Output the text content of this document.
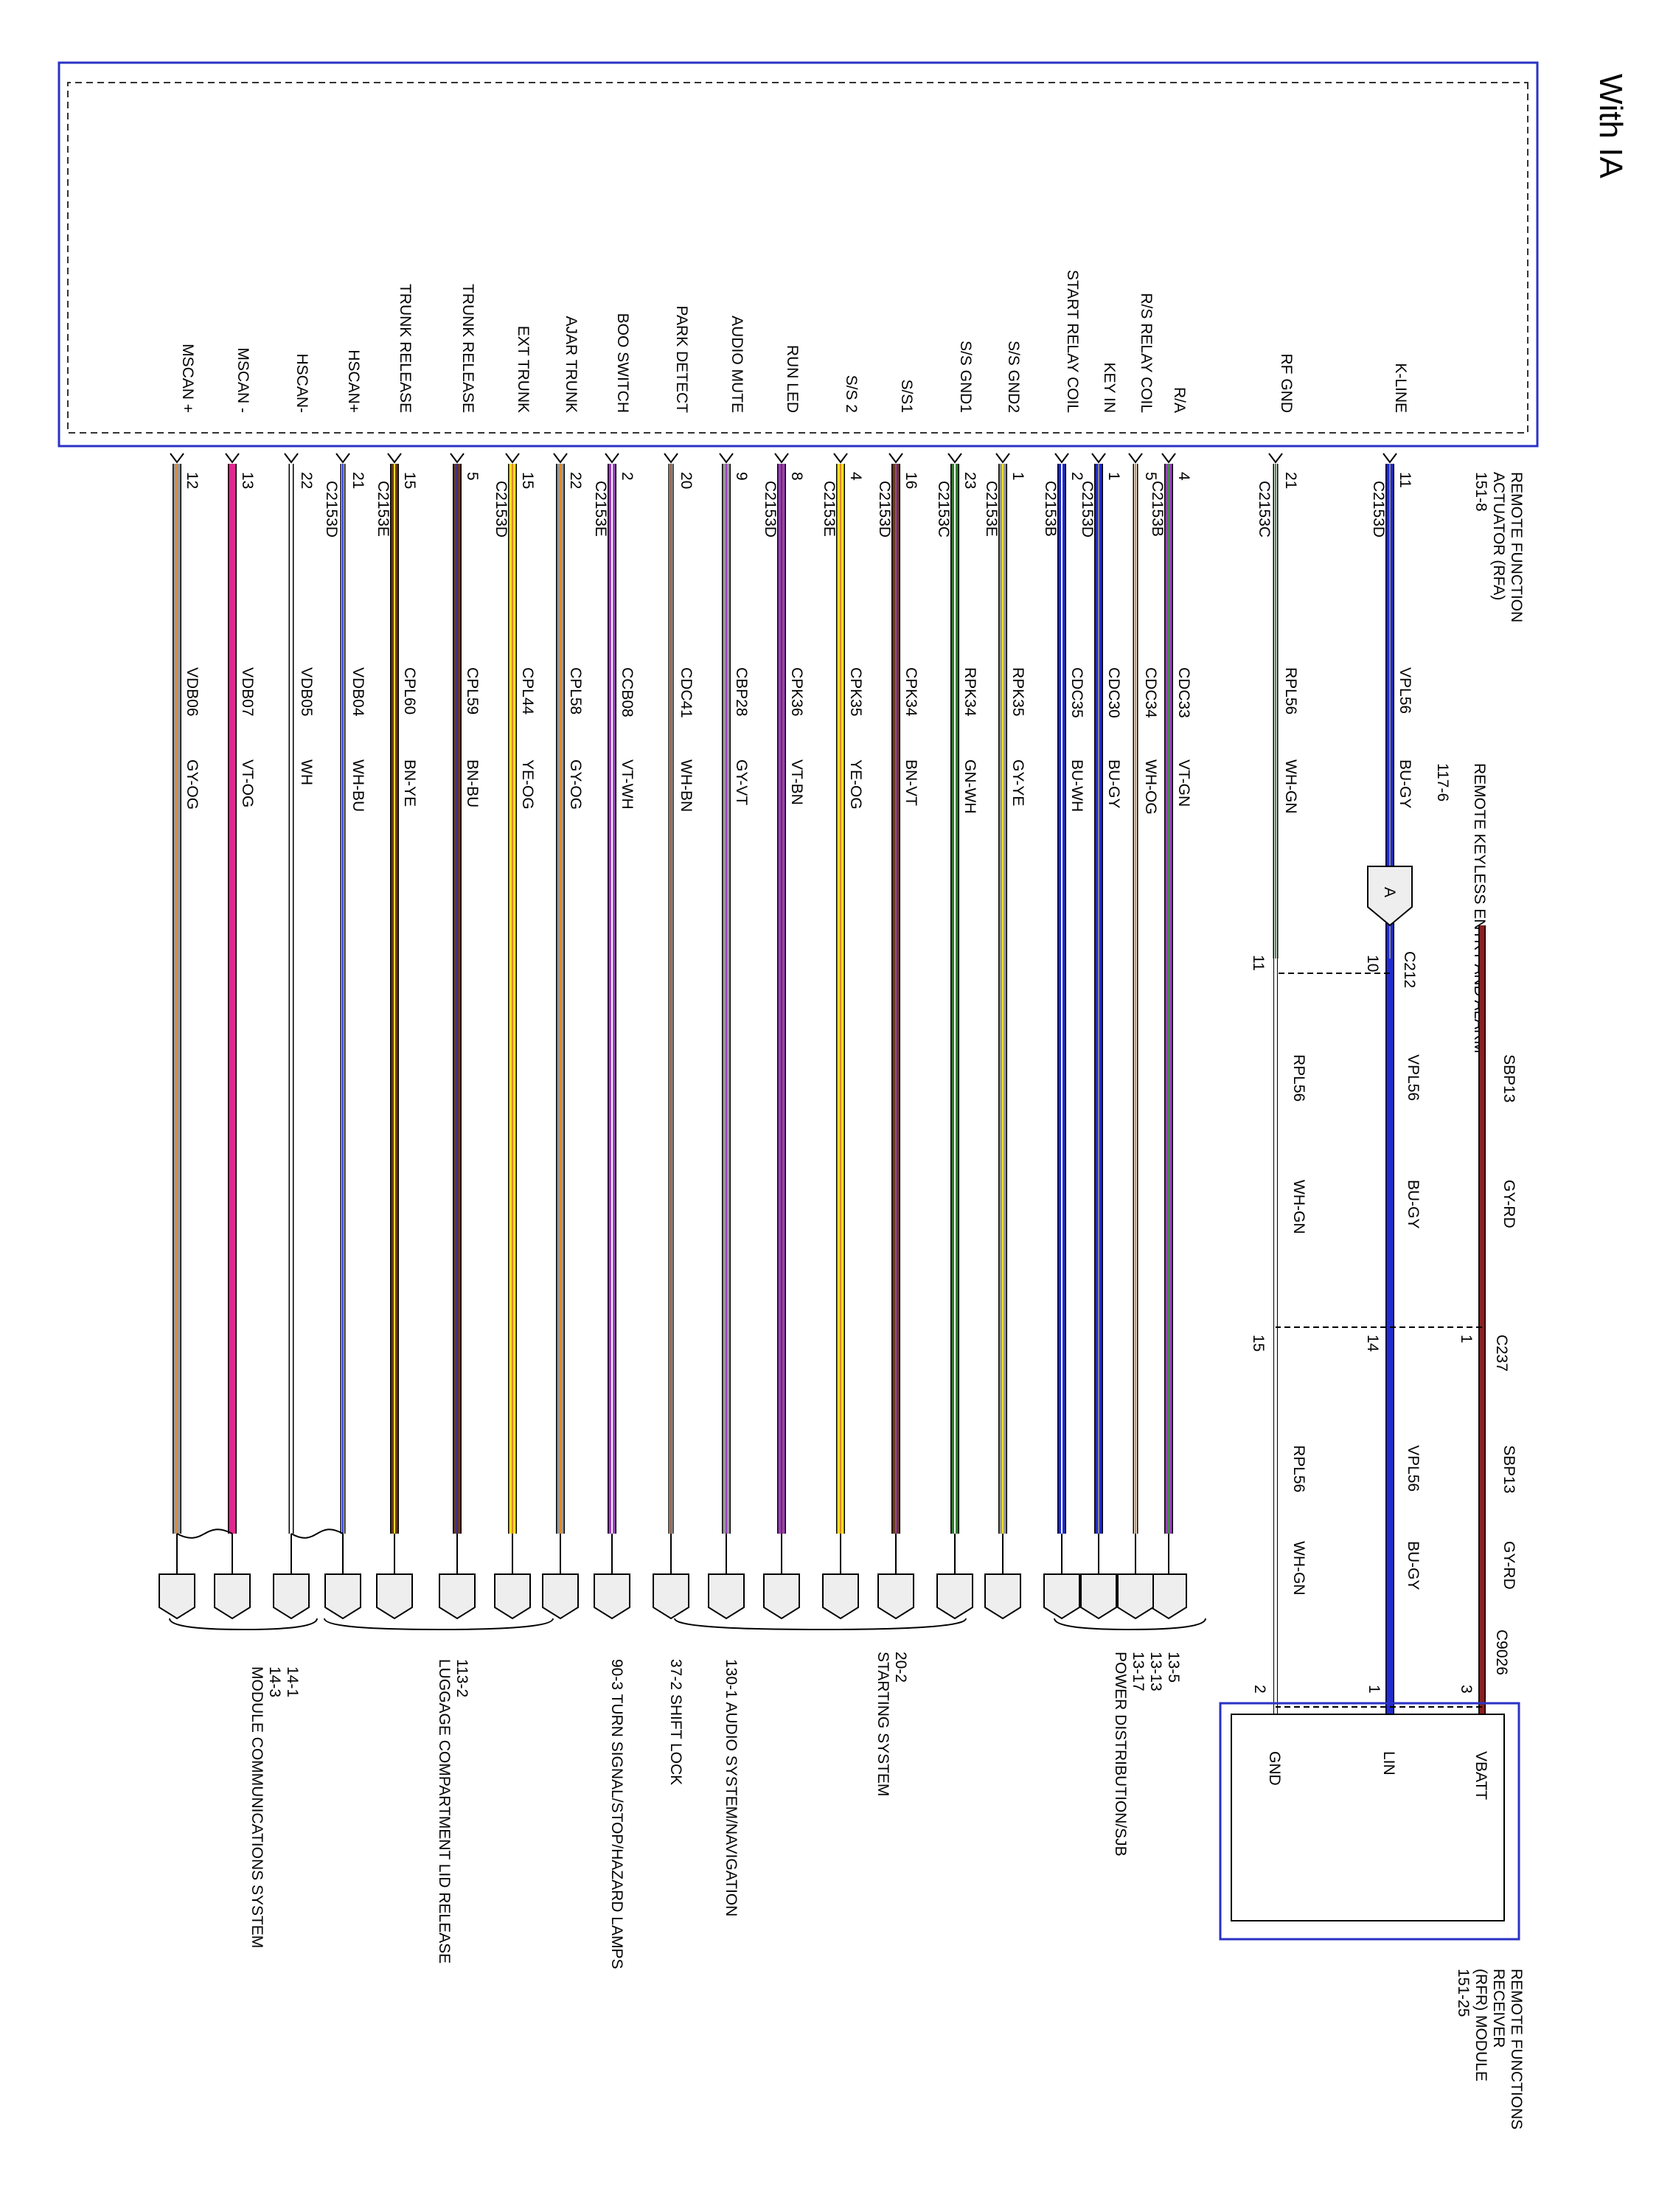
With IA
REMOTE FUNCTIONACTUATOR (RFA)151-8
K-LINE
RF GND
R/A
R/S RELAY COIL
KEY IN
START RELAY COIL
S/S GND2
S/S GND1
S/S1
S/S 2
RUN LED
AUDIO MUTE
PARK DETECT
BOO SWITCH
AJAR TRUNK
EXT TRUNK
TRUNK RELEASE
TRUNK RELEASE
HSCAN+
HSCAN-
MSCAN -
MSCAN +
11
C2153D
VPL56
BU-GY
21
C2153C
RPL56
WH-GN
4
C2153B
CDC33
VT-GN
5
CDC34
WH-OG
1
C2153D
CDC30
BU-GY
2
C2153B
CDC35
BU-WH
1
C2153E
RPK35
GY-YE
23
C2153C
RPK34
GN-WH
16
C2153D
CPK34
BN-VT
4
C2153E
CPK35
YE-OG
8
C2153D
CPK36
VT-BN
9
CBP28
GY-VT
20
CDC41
WH-BN
2
C2153E
CCB08
VT-WH
22
CPL58
GY-OG
15
C2153D
CPL44
YE-OG
5
CPL59
BN-BU
15
C2153E
CPL60
BN-YE
21
C2153D
VDB04
WH-BU
22
VDB05
WH
13
VDB07
VT-OG
12
VDB06
GY-OG
A	REMOTE KEYLESS ENTRY AND ALARM
117-6
SBP13
GY-RD
SBP13
GY-RD
VPL56
BU-GY
VPL56
BU-GY
RPL56
WH-GN
RPL56
WH-GN
C212
10
11
C237
1
14
15
C9026
3
1
2
REMOTE FUNCTIONSRECEIVER(RFR) MODULE151-25
VBATT
LIN
GND
13-513-1313-17POWER DISTRIBUTION/SJB
20-2STARTING SYSTEM
130-1 AUDIO SYSTEM/NAVIGATION
37-2 SHIFT LOCK
90-3 TURN SIGNAL/STOP/HAZARD LAMPS
113-2LUGGAGE COMPARTMENT LID RELEASE
14-114-3MODULE COMMUNICATIONS SYSTEM
